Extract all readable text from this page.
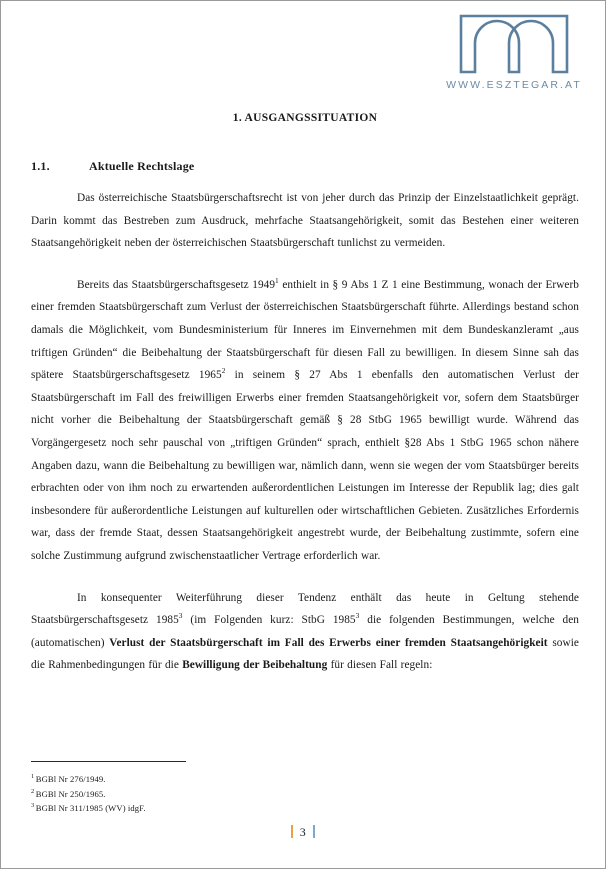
WWW.ESZTEGAR.AT
1. AUSGANGSSITUATION
1.1.	Aktuelle Rechtslage

Das österreichische Staatsbürgerschaftsrecht ist von jeher durch das Prinzip der Einzelstaatlichkeit geprägt. Darin kommt das Bestreben zum Ausdruck, mehrfache Staatsangehörigkeit, somit das Bestehen einer weiteren Staatsangehörigkeit neben der österreichischen Staatsbürgerschaft tunlichst zu vermeiden.

Bereits das Staatsbürgerschaftsgesetz 1949$^1$ enthielt in § 9 Abs 1 Z 1 eine Bestimmung, wonach der Erwerb einer fremden Staatsbürgerschaft zum Verlust der österreichischen Staatsbürgerschaft führte. Allerdings bestand schon damals die Möglichkeit, vom Bundesministerium für Inneres im Einvernehmen mit dem Bundeskanzleramt „aus triftigen Gründen“ die Beibehaltung der Staatsbürgerschaft für diesen Fall zu bewilligen. In diesem Sinne sah das spätere Staatsbürgerschaftsgesetz 1965$^2$ in seinem § 27 Abs 1 ebenfalls den automatischen Verlust der Staatsbürgerschaft im Fall des freiwilligen Erwerbs einer fremden Staatsangehörigkeit vor, sofern dem Staatsbürger nicht vorher die Beibehaltung der Staatsbürgerschaft gemäß § 28 StbG 1965 bewilligt wurde. Während das Vorgängergesetz noch sehr pauschal von „triftigen Gründen“ sprach, enthielt §28 Abs 1 StbG 1965 schon nähere Angaben dazu, wann die Beibehaltung zu bewilligen war, nämlich dann, wenn sie wegen der vom Staatsbürger bereits erbrachten oder von ihm noch zu erwartenden außerordentlichen Leistungen im Interesse der Republik lag; dies galt insbesondere für außerordentliche Leistungen auf kulturellen oder wirtschaftlichen Gebieten. Zusätzliches Erfordernis war, dass der fremde Staat, dessen Staatsangehörigkeit angestrebt wurde, der Beibehaltung zustimmte, sofern eine solche Zustimmung aufgrund zwischenstaatlicher Vertrage erforderlich war.

In konsequenter Weiterführung dieser Tendenz enthält das heute in Geltung stehende Staatsbürgerschaftsgesetz 1985$^3$ (im Folgenden kurz: StbG 1985$^3$ die folgenden Bestimmungen, welche den (automatischen) Verlust der Staatsbürgerschaft im Fall des Erwerbs einer fremden Staatsangehörigkeit sowie die Rahmenbedingungen für die Bewilligung der Beibehaltung für diesen Fall regeln:

$^1$ BGBl Nr 276/1949.
$^2$ BGBl Nr 250/1965.
$^3$ BGBl Nr 311/1985 (WV) idgF.
3
